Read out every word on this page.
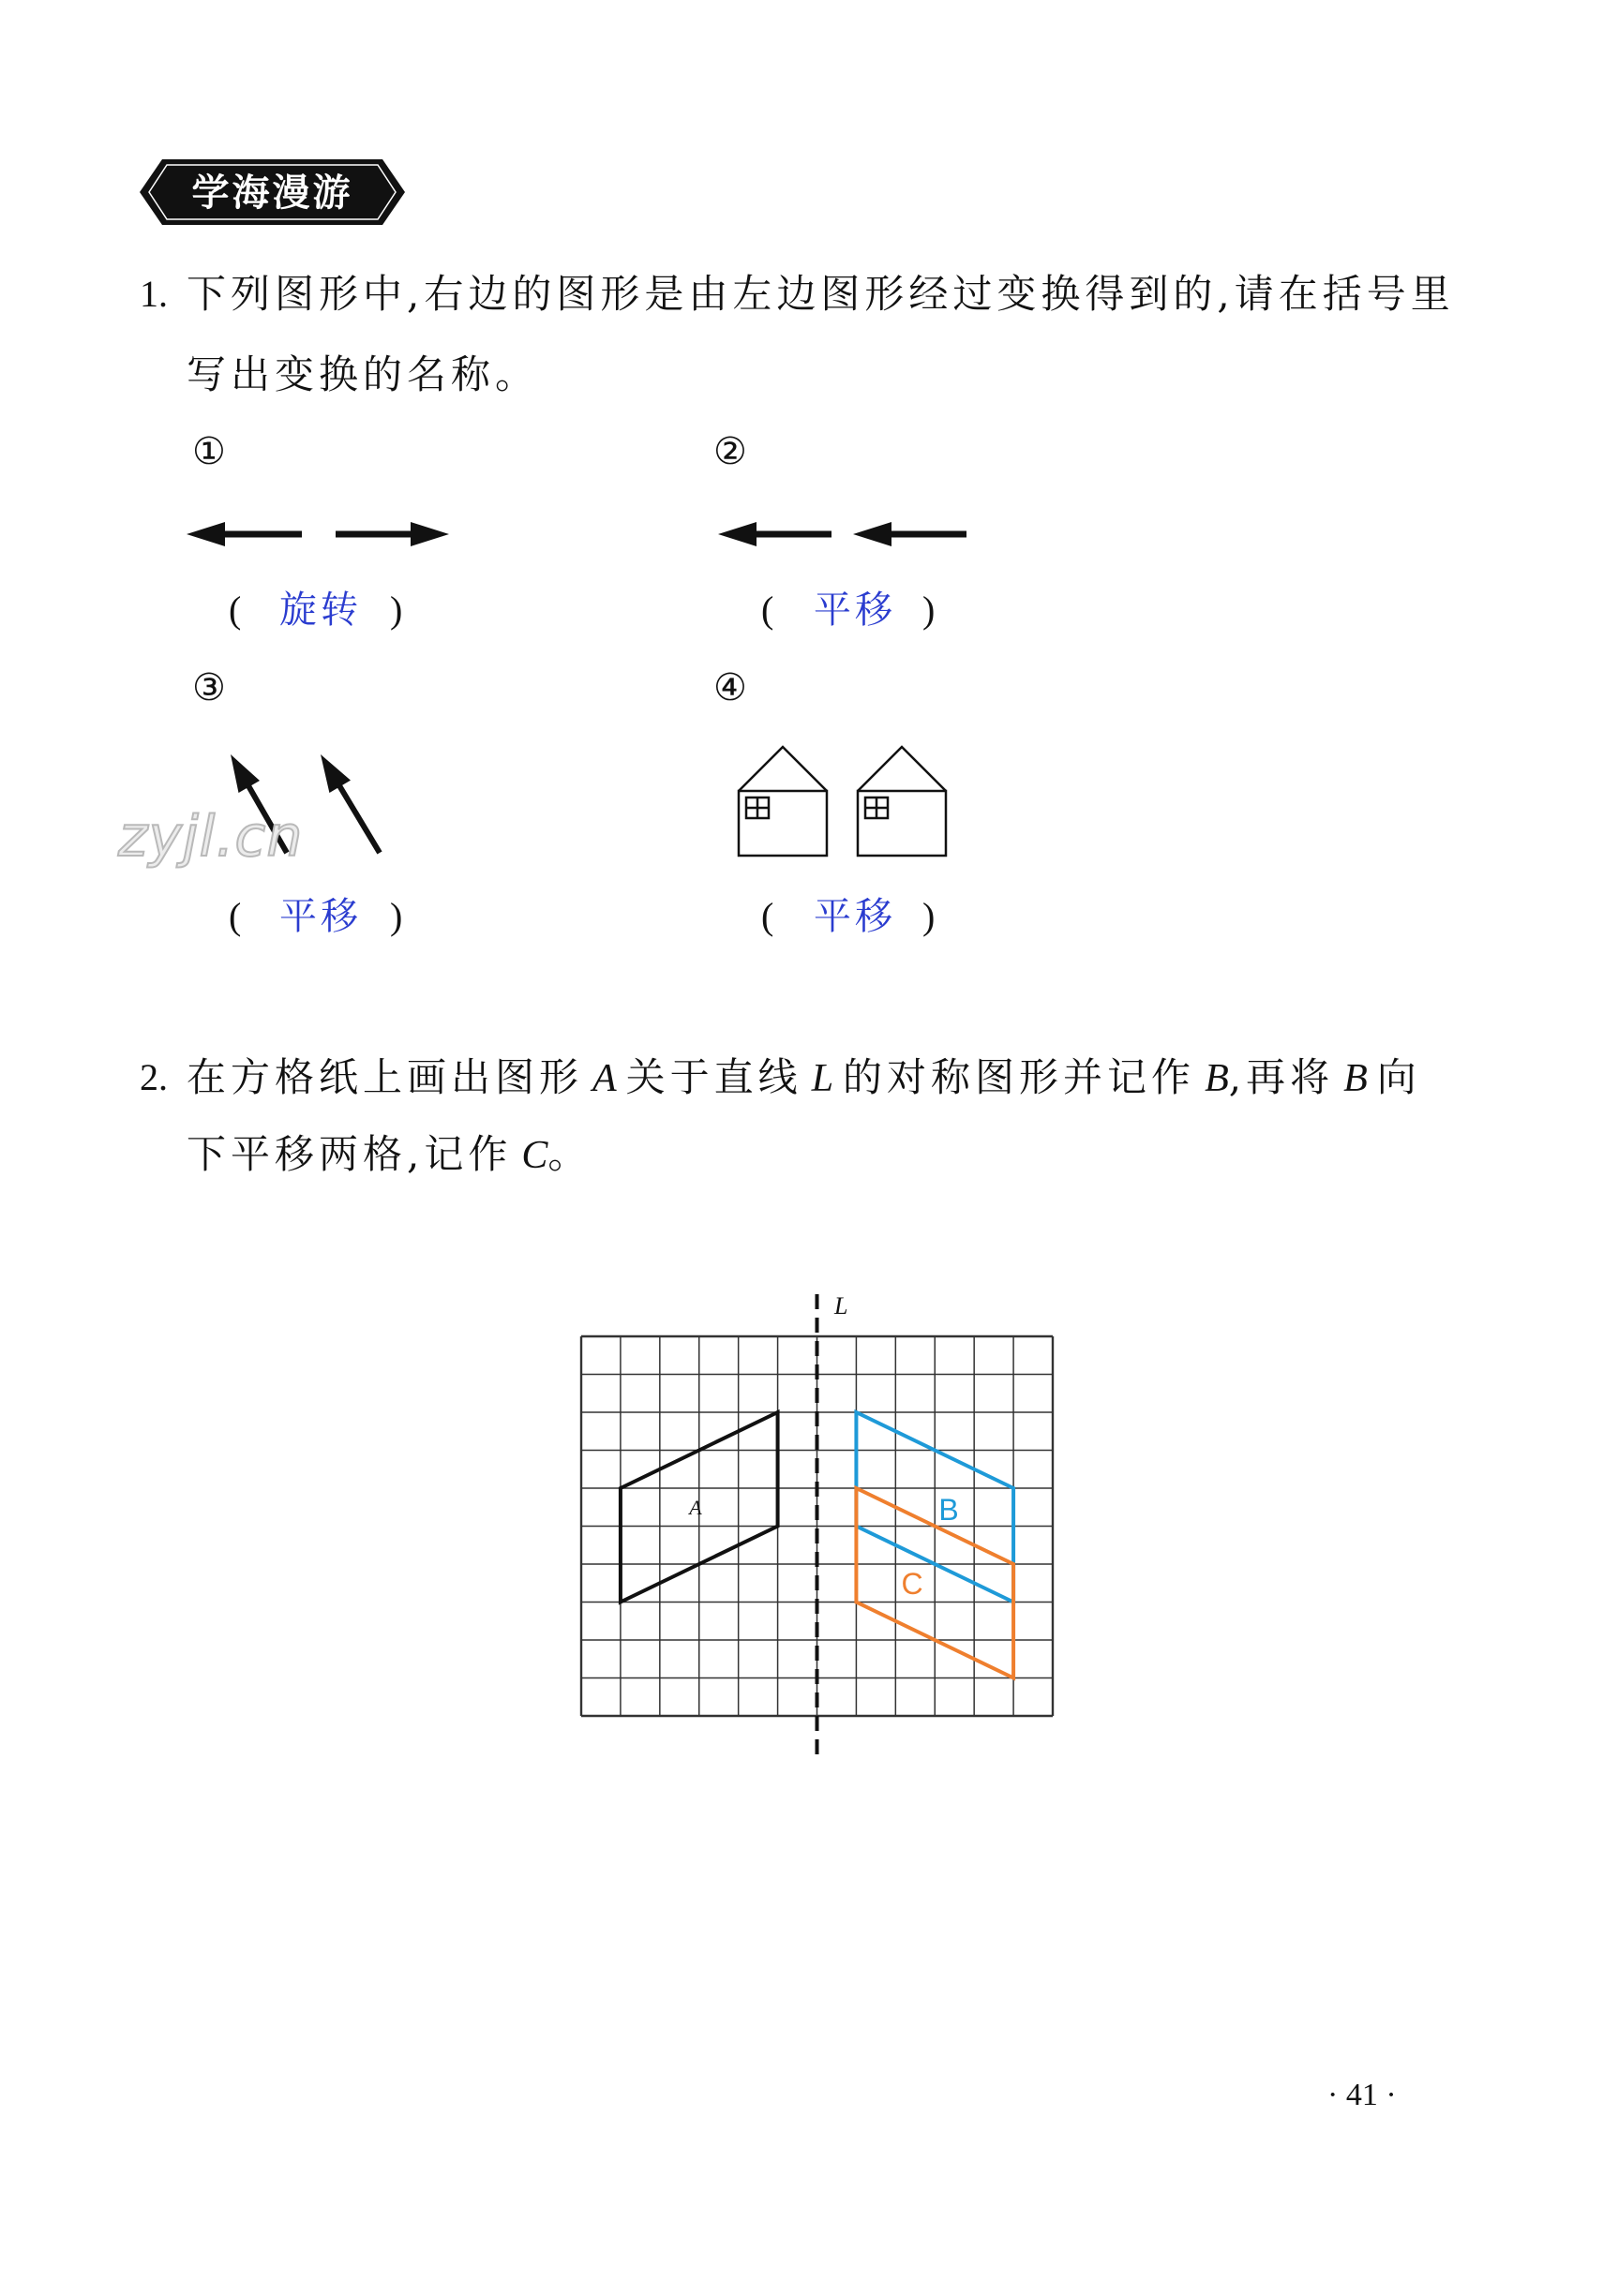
学海漫游
1. 下列图形中,右边的图形是由左边图形经过变换得到的,请在括号里
写出变换的名称。
①	②
③	④
zyjl.cn
( 旋转 )	( 平移 )
( 平移 )	( 平移 )
2. 在方格纸上画出图形 A 关于直线 L 的对称图形并记作 B,再将 B 向
下平移两格,记作 C。
L
A	B
C
· 41 ·
